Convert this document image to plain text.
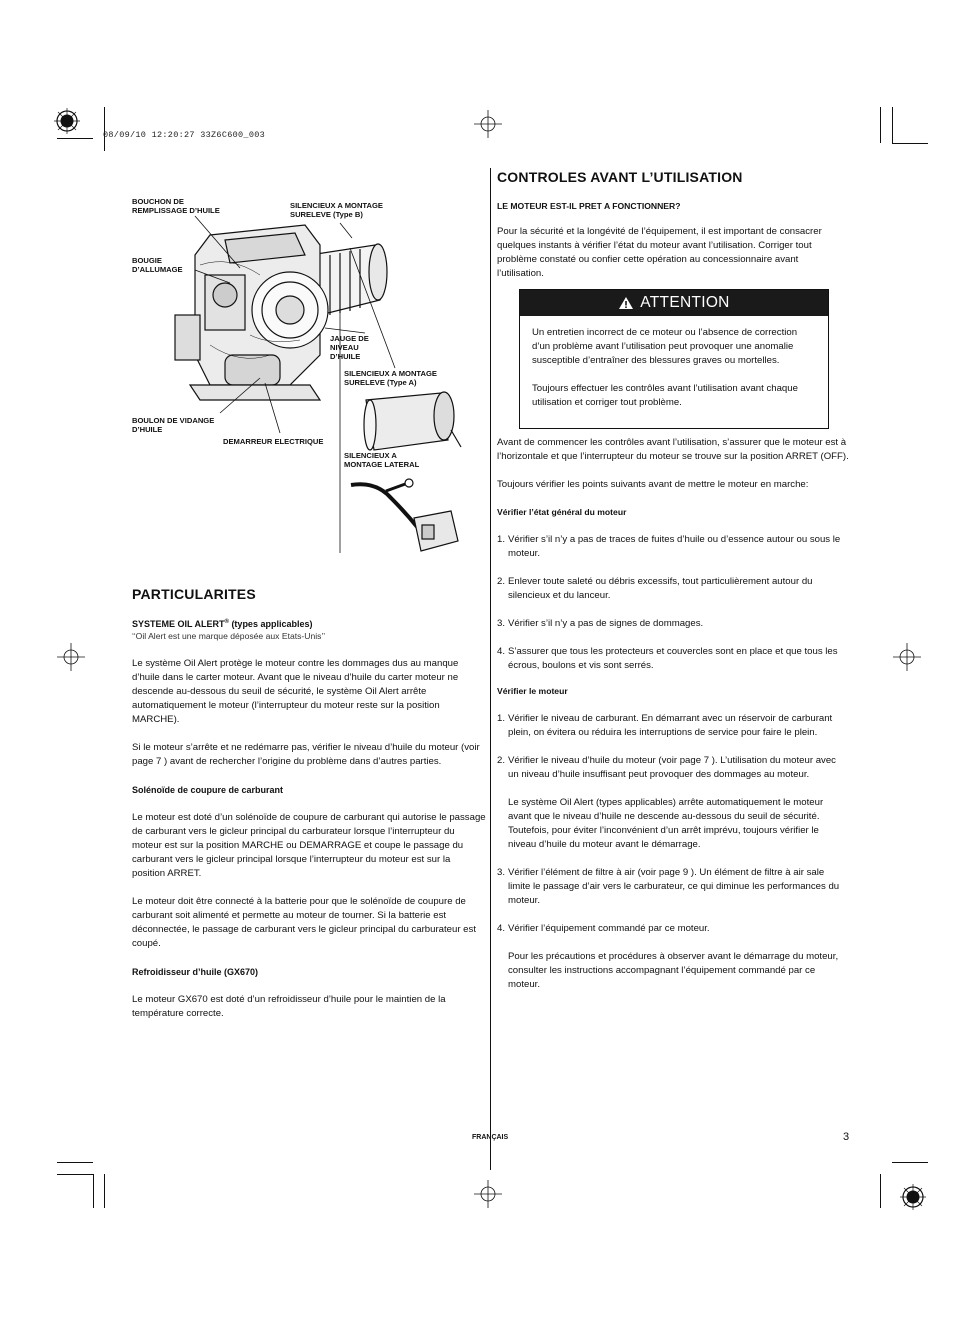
08/09/10 12:20:27 33Z6C600_003
BOUCHON DE
REMPLISSAGE D’HUILE
SILENCIEUX A MONTAGE
SURELEVE (Type B)
BOUGIE
D’ALLUMAGE
JAUGE DE
NIVEAU
D’HUILE
SILENCIEUX A MONTAGE
SURELEVE (Type A)
BOULON DE VIDANGE
D’HUILE
DEMARREUR ELECTRIQUE
SILENCIEUX A
MONTAGE LATERAL
PARTICULARITES
SYSTEME OIL ALERT® (types applicables)
‘‘Oil Alert est une marque déposée aux Etats-Unis’’
Le système Oil Alert protège le moteur contre les dommages dus au manque d’huile dans le carter moteur. Avant que le niveau d’huile du carter moteur ne descende au-dessous du seuil de sécurité, le système Oil Alert arrête automatiquement le moteur (l’interrupteur du moteur reste sur la position MARCHE).
Si le moteur s’arrête et ne redémarre pas, vérifier le niveau d’huile du moteur (voir page 7 ) avant de rechercher l’origine du problème dans d’autres parties.
Solénoïde de coupure de carburant
Le moteur est doté d’un solénoïde de coupure de carburant qui autorise le passage de carburant vers le gicleur principal du carburateur lorsque l’interrupteur du moteur est sur la position MARCHE ou DEMARRAGE et coupe le passage du carburant vers le gicleur principal lorsque l’interrupteur du moteur est sur la position ARRET.
Le moteur doit être connecté à la batterie pour que le solénoïde de coupure de carburant soit alimenté et permette au moteur de tourner. Si la batterie est déconnectée, le passage de carburant vers le gicleur principal du carburateur est coupé.
Refroidisseur d’huile (GX670)
Le moteur GX670 est doté d’un refroidisseur d’huile pour le maintien de la température correcte.
CONTROLES AVANT L’UTILISATION
LE MOTEUR EST-IL PRET A FONCTIONNER?
Pour la sécurité et la longévité de l’équipement, il est important de consacrer quelques instants à vérifier l’état du moteur avant l’utilisation. Corriger tout problème constaté ou confier cette opération au concessionnaire avant l’utilisation.
ATTENTION
Un entretien incorrect de ce moteur ou l’absence de correction d’un problème avant l’utilisation peut provoquer une anomalie susceptible d’entraîner des blessures graves ou mortelles.
Toujours effectuer les contrôles avant l’utilisation avant chaque utilisation et corriger tout problème.
Avant de commencer les contrôles avant l’utilisation, s’assurer que le moteur est à l’horizontale et que l’interrupteur du moteur se trouve sur la position ARRET (OFF).
Toujours vérifier les points suivants avant de mettre le moteur en marche:
Vérifier l’état général du moteur
1. Vérifier s’il n’y a pas de traces de fuites d’huile ou d’essence autour ou sous le moteur.
2. Enlever toute saleté ou débris excessifs, tout particulièrement autour du silencieux et du lanceur.
3. Vérifier s’il n’y a pas de signes de dommages.
4. S’assurer que tous les protecteurs et couvercles sont en place et que tous les écrous, boulons et vis sont serrés.
Vérifier le moteur
1. Vérifier le niveau de carburant. En démarrant avec un réservoir de carburant plein, on évitera ou réduira les interruptions de service pour faire le plein.
2. Vérifier le niveau d’huile du moteur (voir page 7 ). L’utilisation du moteur avec un niveau d’huile insuffisant peut provoquer des dommages au moteur.
Le système Oil Alert (types applicables) arrête automatiquement le moteur avant que le niveau d’huile ne descende au-dessous du seuil de sécurité. Toutefois, pour éviter l’inconvénient d’un arrêt imprévu, toujours vérifier le niveau d’huile du moteur avant le démarrage.
3. Vérifier l’élément de filtre à air (voir page 9 ). Un élément de filtre à air sale limite le passage d’air vers le carburateur, ce qui diminue les performances du moteur.
4. Vérifier l’équipement commandé par ce moteur.
Pour les précautions et procédures à observer avant le démarrage du moteur, consulter les instructions accompagnant l’équipement commandé par ce moteur.
FRANÇAIS	3
